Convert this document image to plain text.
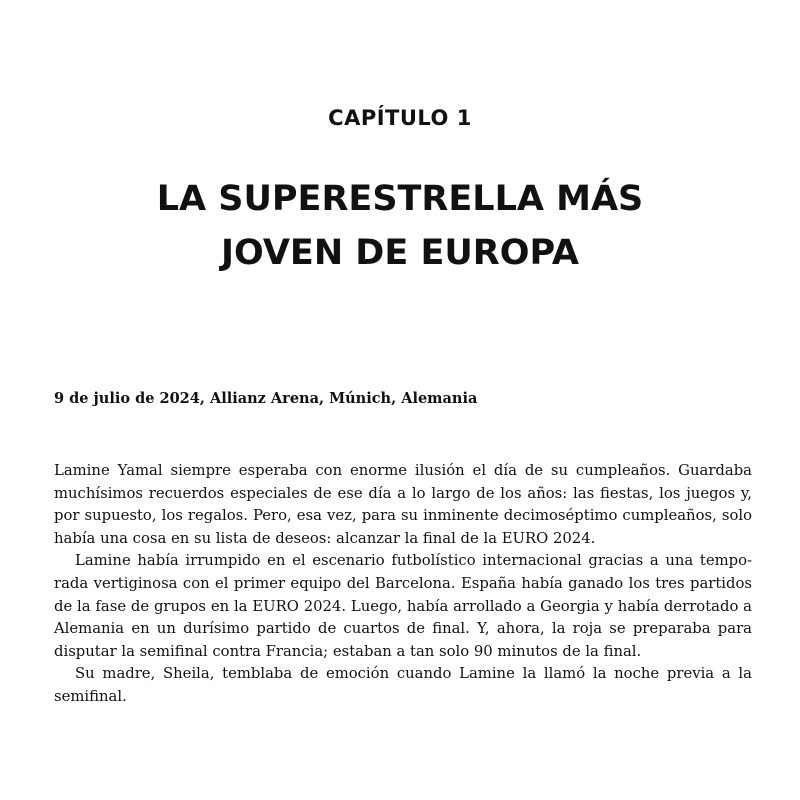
CAPÍTULO 1
LA SUPERESTRELLA MÁS
JOVEN DE EUROPA

9 de julio de 2024, Allianz Arena, Múnich, Alemania

Lamine Yamal siempre esperaba con enorme ilusión el día de su cumpleaños. Guardaba muchísimos recuerdos especiales de ese día a lo largo de los años: las fiestas, los juegos y, por supuesto, los regalos. Pero, esa vez, para su inminente decimoséptimo cumpleaños, solo había una cosa en su lista de deseos: alcanzar la final de la EURO 2024.

Lamine había irrumpido en el escenario futbolístico internacional gracias a una temporada vertiginosa con el primer equipo del Barcelona. España había ganado los tres partidos de la fase de grupos en la EURO 2024. Luego, había arrollado a Georgia y había derrotado a Alemania en un durísimo partido de cuartos de final. Y, ahora, la roja se preparaba para disputar la semifinal contra Francia; estaban a tan solo 90 minutos de la final.

Su madre, Sheila, temblaba de emoción cuando Lamine la llamó la noche previa a la semifinal.
